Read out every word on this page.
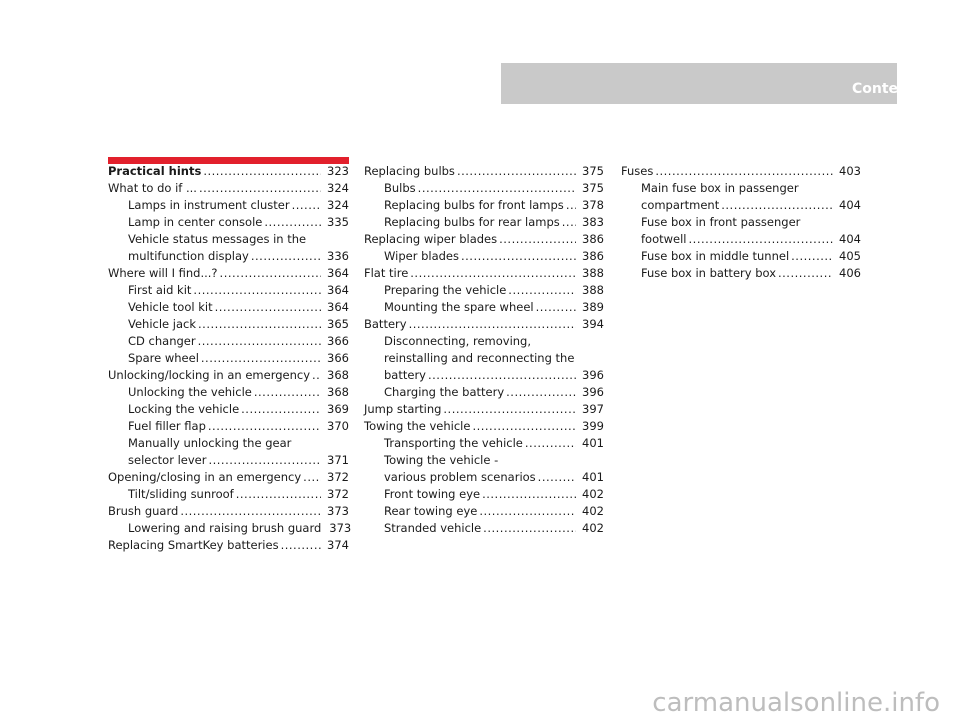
Contents
Practical hints .....	323
What to do if ... .....	324
Lamps in instrument cluster .....	324
Lamp in center console .....	335
Vehicle status messages in the
multifunction display .....	336
Where will I find...? .....	364
First aid kit .....	364
Vehicle tool kit .....	364
Vehicle jack .....	365
CD changer .....	366
Spare wheel .....	366
Unlocking/locking in an emergency .....	368
Unlocking the vehicle .....	368
Locking the vehicle .....	369
Fuel filler flap .....	370
Manually unlocking the gear
selector lever .....	371
Opening/closing in an emergency .....	372
Tilt/sliding sunroof .....	372
Brush guard .....	373
Lowering and raising brush guard 373
Replacing SmartKey batteries .....	374
Replacing bulbs .....	375
Bulbs .....	375
Replacing bulbs for front lamps .....	378
Replacing bulbs for rear lamps .....	383
Replacing wiper blades .....	386
Wiper blades .....	386
Flat tire .....	388
Preparing the vehicle .....	388
Mounting the spare wheel .....	389
Battery .....	394
Disconnecting, removing,
reinstalling and reconnecting the
battery .....	396
Charging the battery .....	396
Jump starting .....	397
Towing the vehicle .....	399
Transporting the vehicle .....	401
Towing the vehicle -
various problem scenarios .....	401
Front towing eye .....	402
Rear towing eye .....	402
Stranded vehicle .....	402
Fuses .....	403
Main fuse box in passenger
compartment .....	404
Fuse box in front passenger
footwell .....	404
Fuse box in middle tunnel .....	405
Fuse box in battery box .....	406
carmanualsonline.info
